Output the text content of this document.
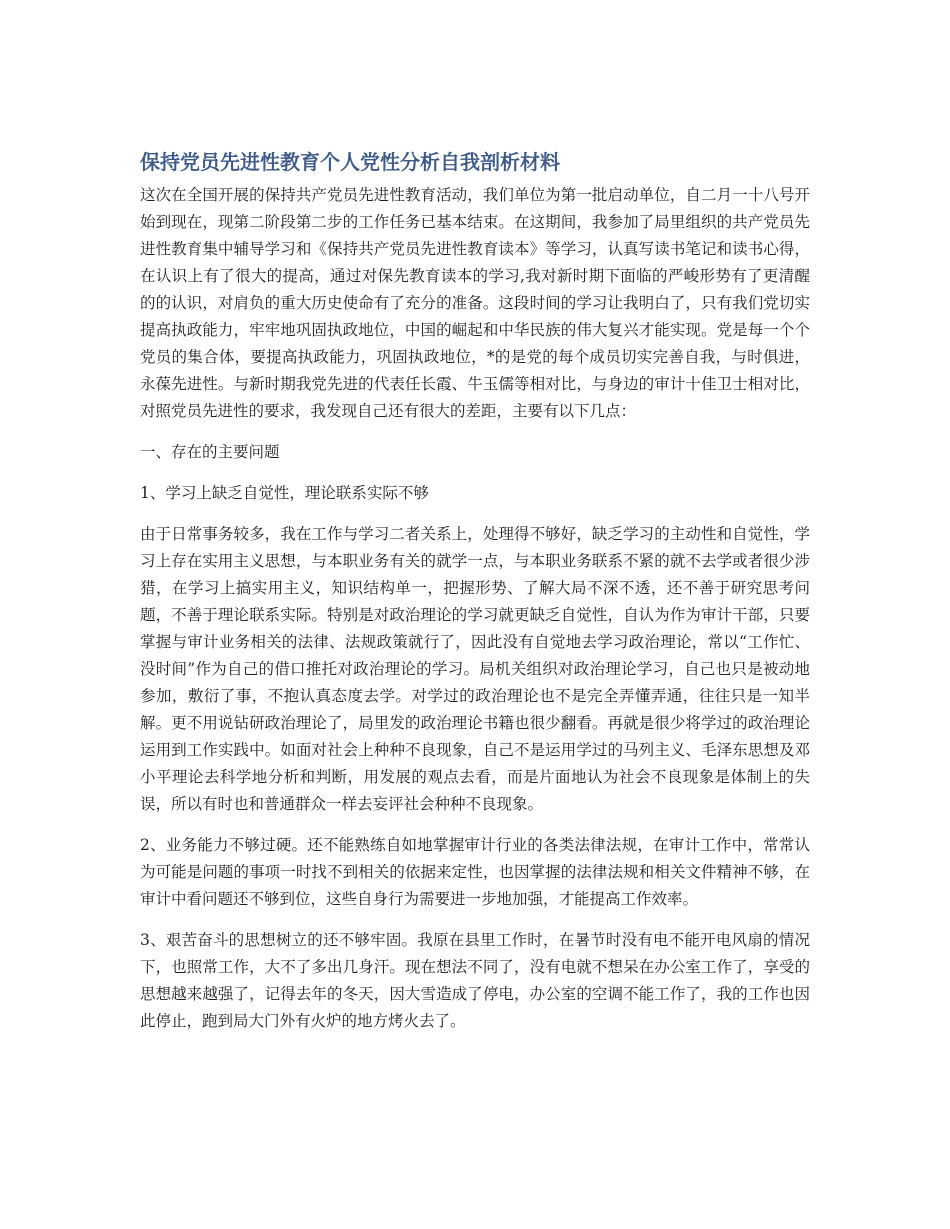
保持党员先进性教育个人党性分析自我剖析材料

这次在全国开展的保持共产党员先进性教育活动，我们单位为第一批启动单位，自二月一十八号开始到现在，现第二阶段第二步的工作任务已基本结束。在这期间，我参加了局里组织的共产党员先进性教育集中辅导学习和《保持共产党员先进性教育读本》等学习，认真写读书笔记和读书心得，在认识上有了很大的提高，通过对保先教育读本的学习,我对新时期下面临的严峻形势有了更清醒的的认识，对肩负的重大历史使命有了充分的准备。这段时间的学习让我明白了，只有我们党切实提高执政能力，牢牢地巩固执政地位，中国的崛起和中华民族的伟大复兴才能实现。党是每一个个党员的集合体，要提高执政能力，巩固执政地位，*的是党的每个成员切实完善自我，与时俱进，永葆先进性。与新时期我党先进的代表任长霞、牛玉儒等相对比，与身边的审计十佳卫士相对比，对照党员先进性的要求，我发现自己还有很大的差距，主要有以下几点：

一、存在的主要问题

1、学习上缺乏自觉性，理论联系实际不够

由于日常事务较多，我在工作与学习二者关系上，处理得不够好，缺乏学习的主动性和自觉性，学习上存在实用主义思想，与本职业务有关的就学一点，与本职业务联系不紧的就不去学或者很少涉猎，在学习上搞实用主义，知识结构单一，把握形势、了解大局不深不透，还不善于研究思考问题，不善于理论联系实际。特别是对政治理论的学习就更缺乏自觉性，自认为作为审计干部，只要掌握与审计业务相关的法律、法规政策就行了，因此没有自觉地去学习政治理论，常以“工作忙、没时间”作为自己的借口推托对政治理论的学习。局机关组织对政治理论学习，自己也只是被动地参加，敷衍了事，不抱认真态度去学。对学过的政治理论也不是完全弄懂弄通，往往只是一知半解。更不用说钻研政治理论了，局里发的政治理论书籍也很少翻看。再就是很少将学过的政治理论运用到工作实践中。如面对社会上种种不良现象，自己不是运用学过的马列主义、毛泽东思想及邓小平理论去科学地分析和判断，用发展的观点去看，而是片面地认为社会不良现象是体制上的失误，所以有时也和普通群众一样去妄评社会种种不良现象。

2、业务能力不够过硬。还不能熟练自如地掌握审计行业的各类法律法规，在审计工作中，常常认为可能是问题的事项一时找不到相关的依据来定性，也因掌握的法律法规和相关文件精神不够，在审计中看问题还不够到位，这些自身行为需要进一步地加强，才能提高工作效率。

3、艰苦奋斗的思想树立的还不够牢固。我原在县里工作时，在暑节时没有电不能开电风扇的情况下，也照常工作，大不了多出几身汗。现在想法不同了，没有电就不想呆在办公室工作了，享受的思想越来越强了，记得去年的冬天，因大雪造成了停电，办公室的空调不能工作了，我的工作也因此停止，跑到局大门外有火炉的地方烤火去了。
